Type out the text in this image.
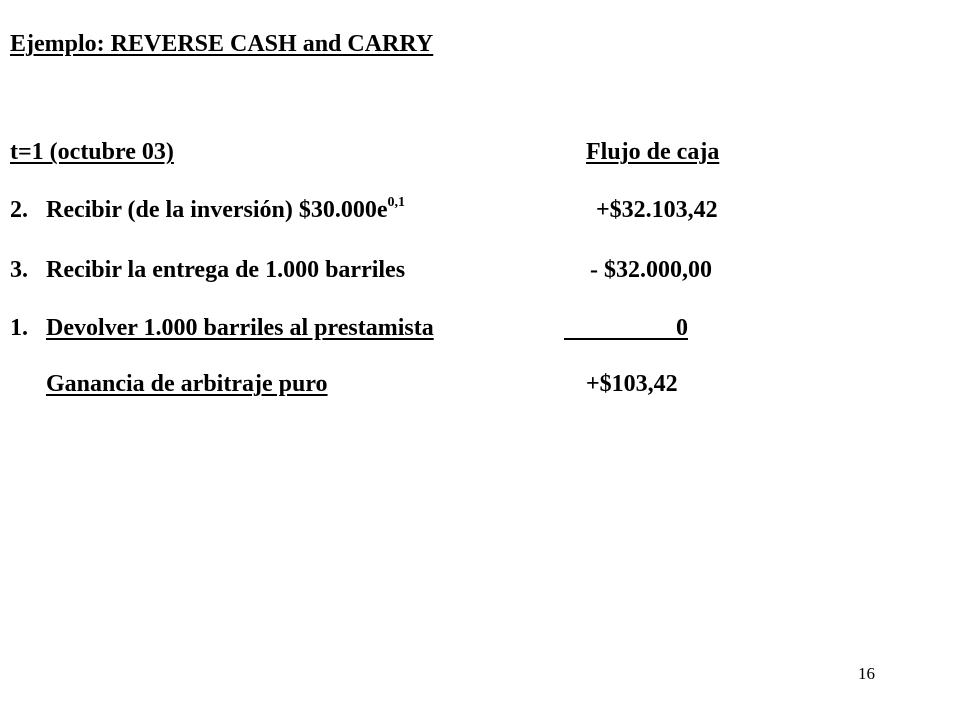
Ejemplo: REVERSE CASH and CARRY
t=1 (octubre 03)	Flujo de caja
2. Recibir (de la inversión) $\$30.000e^{0,1}$	+$32.103,42
3. Recibir la entrega de 1.000 barriles	- $32.000,00
1. Devolver 1.000 barriles al prestamista	0
Ganancia de arbitraje puro	+$103,42
16
